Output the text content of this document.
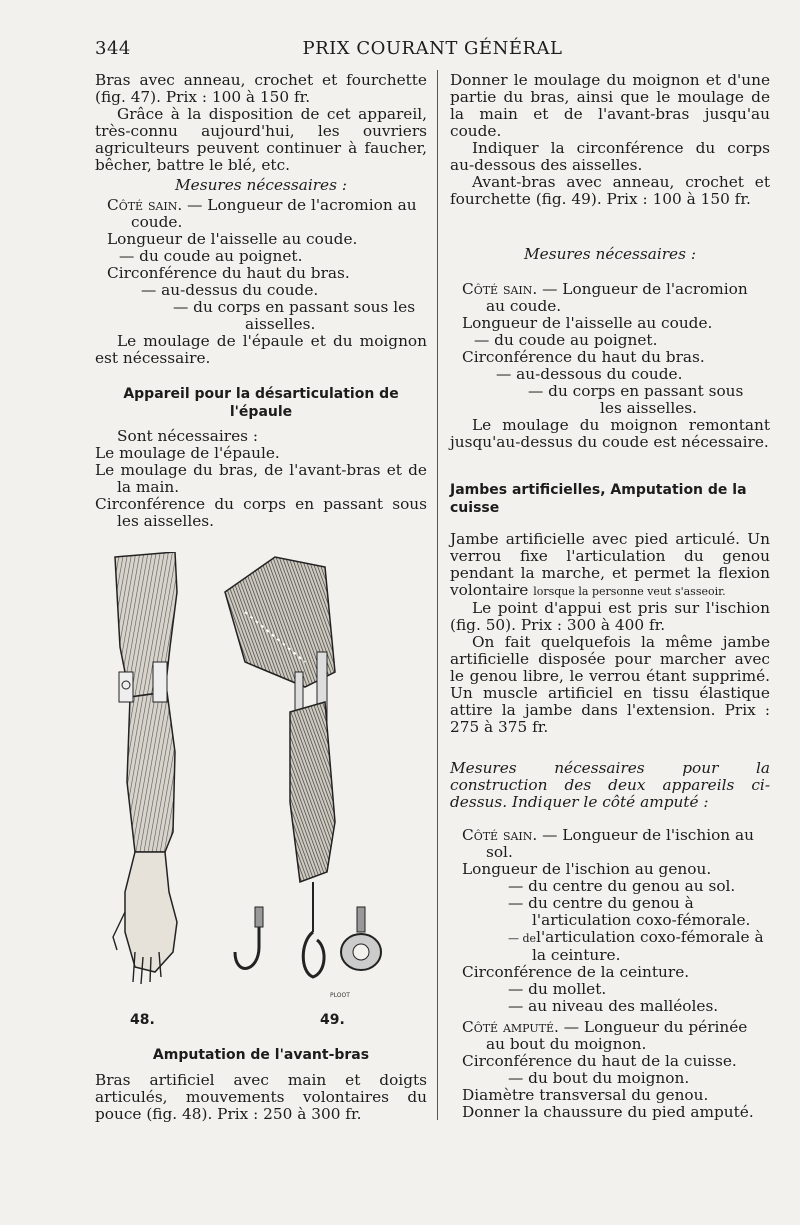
344	PRIX COURANT GÉNÉRAL

Bras avec anneau, crochet et fourchette (fig. 47). Prix : 100 à 150 fr.

Grâce à la disposition de cet appareil, très-connu aujourd'hui, les ouvriers agriculteurs peuvent continuer à faucher, bêcher, battre le blé, etc.

Mesures nécessaires :

Côté sain. — Longueur de l'acromion au coude.

Longueur de l'aisselle au coude.

— du coude au poignet.

Circonférence du haut du bras.

— au-dessus du coude.

— du corps en passant sous les aisselles.

Le moulage de l'épaule et du moignon est nécessaire.

Appareil pour la désarticulation de l'épaule

Sont nécessaires :

Le moulage de l'épaule.

Le moulage du bras, de l'avant-bras et de la main.

Circonférence du corps en passant sous les aisselles.

PLOOT
48.	49.

Amputation de l'avant-bras

Bras artificiel avec main et doigts articulés, mouvements volontaires du pouce (fig. 48). Prix : 250 à 300 fr.

Donner le moulage du moignon et d'une partie du bras, ainsi que le moulage de la main et de l'avant-bras jusqu'au coude.

Indiquer la circonférence du corps au-dessous des aisselles.

Avant-bras avec anneau, crochet et fourchette (fig. 49). Prix : 100 à 150 fr.

Mesures nécessaires :

Côté sain. — Longueur de l'acromion au coude.

Longueur de l'aisselle au coude.

— du coude au poignet.

Circonférence du haut du bras.

— au-dessous du coude.

— du corps en passant sous les aisselles.

Le moulage du moignon remontant jusqu'au-dessus du coude est nécessaire.

Jambes artificielles, Amputation de la cuisse

Jambe artificielle avec pied articulé. Un verrou fixe l'articulation du genou pendant la marche, et permet la flexion volontaire lorsque la personne veut s'asseoir.

Le point d'appui est pris sur l'ischion (fig. 50). Prix : 300 à 400 fr.

On fait quelquefois la même jambe artificielle disposée pour marcher avec le genou libre, le verrou étant supprimé. Un muscle artificiel en tissu élastique attire la jambe dans l'extension. Prix : 275 à 375 fr.

Mesures nécessaires pour la construction des deux appareils ci-dessus. Indiquer le côté amputé :

Côté sain. — Longueur de l'ischion au sol.

Longueur de l'ischion au genou.

— du centre du genou au sol.

— du centre du genou à l'articulation coxo-fémorale.

— del'articulation coxo-fémorale à la ceinture.

Circonférence de la ceinture.

— du mollet.

— au niveau des malléoles.

Côté amputé. — Longueur du périnée au bout du moignon.

Circonférence du haut de la cuisse.

— du bout du moignon.

Diamètre transversal du genou.

Donner la chaussure du pied amputé.
